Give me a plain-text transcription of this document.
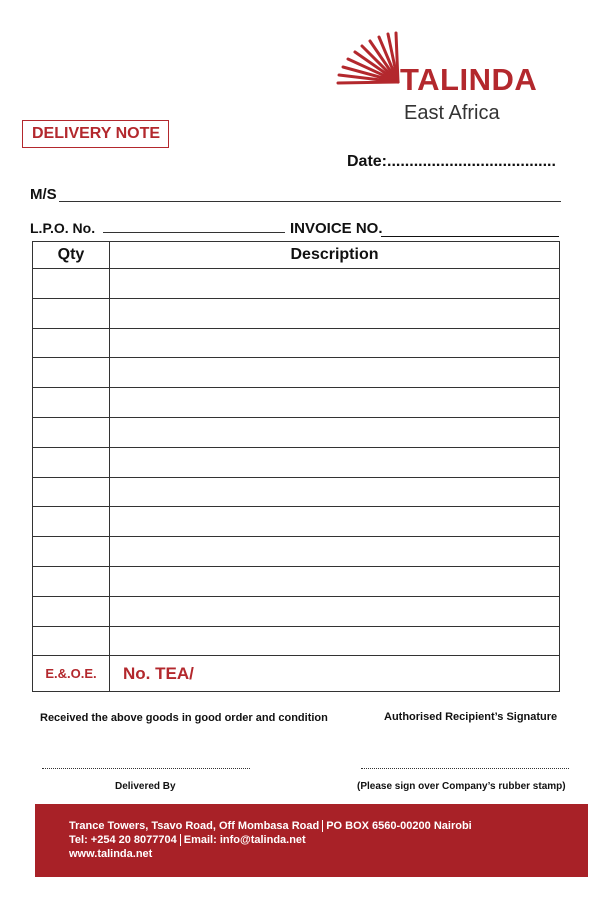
TALINDA
East Africa
DELIVERY NOTE
Date:......................................
M/S
L.P.O. No.	INVOICE NO.
Qty	Description

E.&.O.E.	No. TEA/
Received the above goods in good order and condition	Authorised Recipient’s Signature
Delivered By	(Please sign over Company’s rubber stamp)
Trance Towers, Tsavo Road, Off Mombasa Road PO BOX 6560-00200 Nairobi
Tel: +254 20 8077704 Email: info@talinda.net
www.talinda.net
